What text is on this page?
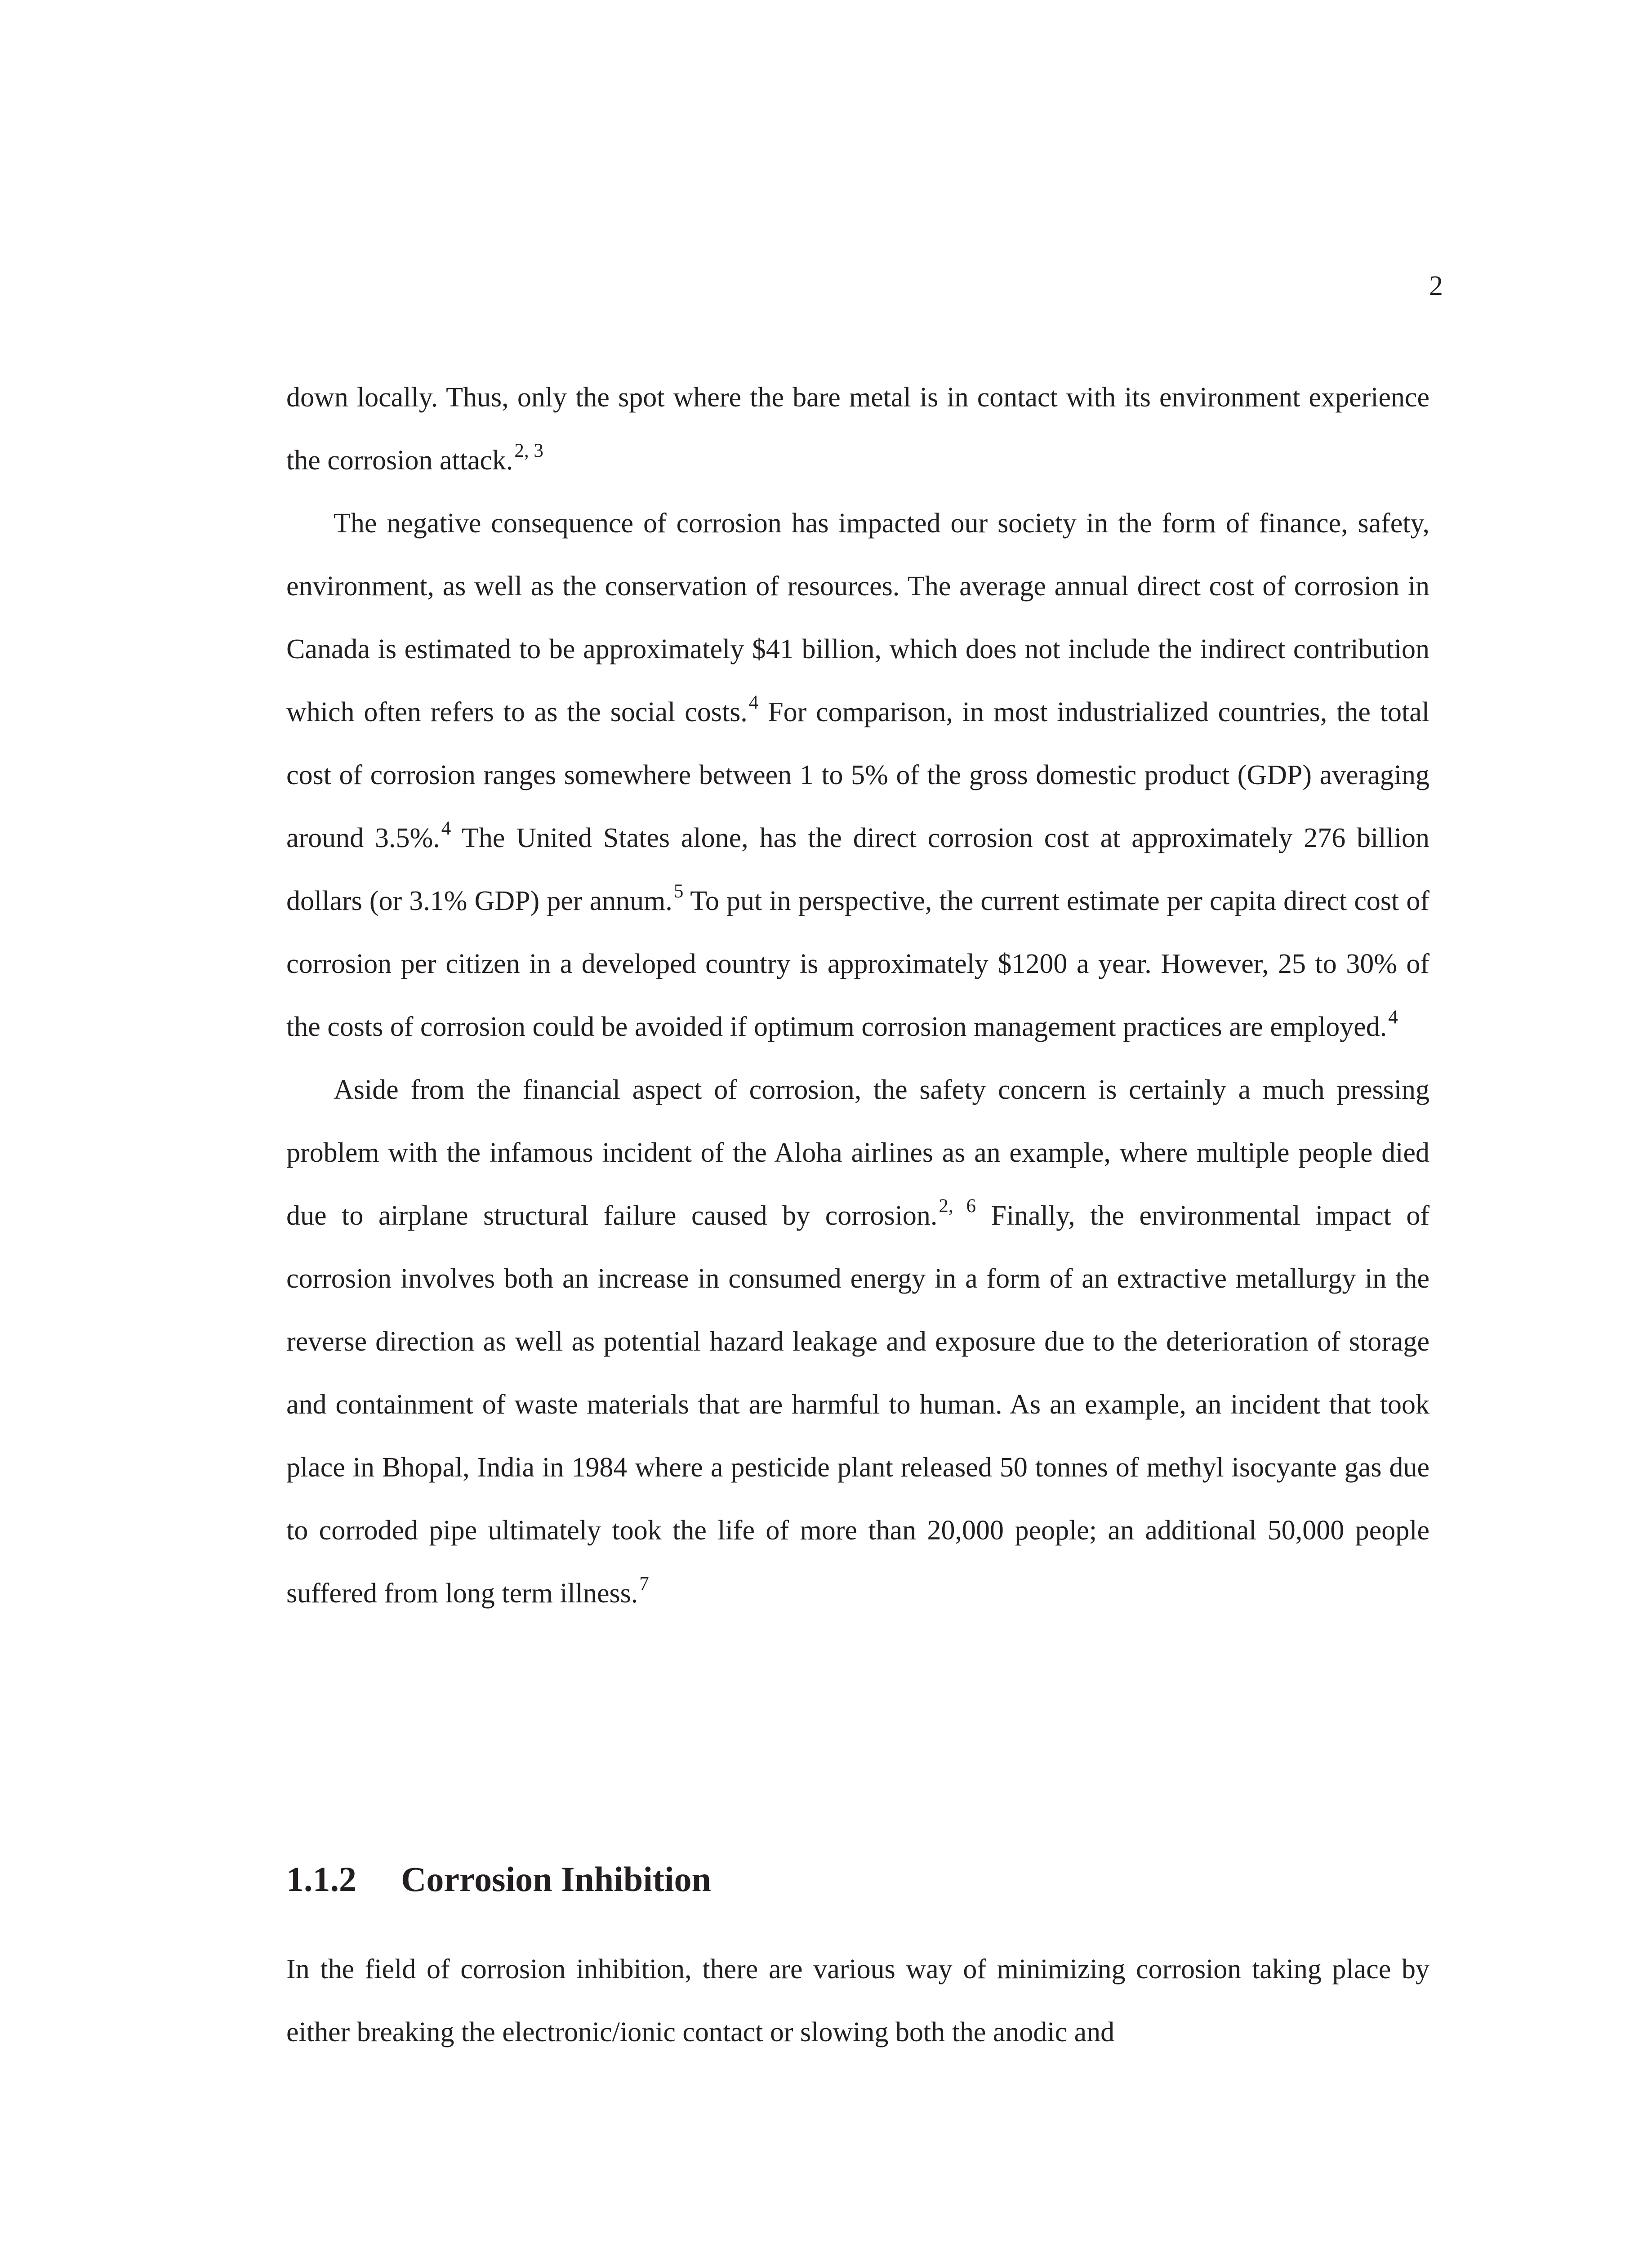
2

down locally. Thus, only the spot where the bare metal is in contact with its environment experience the corrosion attack.$^{2, 3}$

The negative consequence of corrosion has impacted our society in the form of finance, safety, environment, as well as the conservation of resources. The average annual direct cost of corrosion in Canada is estimated to be approximately $41 billion, which does not include the indirect contribution which often refers to as the social costs.$^4$ For comparison, in most industrialized countries, the total cost of corrosion ranges somewhere between 1 to 5% of the gross domestic product (GDP) averaging around 3.5%.$^4$ The United States alone, has the direct corrosion cost at approximately 276 billion dollars (or 3.1% GDP) per annum.$^5$ To put in perspective, the current estimate per capita direct cost of corrosion per citizen in a developed country is approximately $1200 a year. However, 25 to 30% of the costs of corrosion could be avoided if optimum corrosion management practices are employed.$^4$

Aside from the financial aspect of corrosion, the safety concern is certainly a much pressing problem with the infamous incident of the Aloha airlines as an example, where multiple people died due to airplane structural failure caused by corrosion.$^{2, 6}$ Finally, the environmental impact of corrosion involves both an increase in consumed energy in a form of an extractive metallurgy in the reverse direction as well as potential hazard leakage and exposure due to the deterioration of storage and containment of waste materials that are harmful to human. As an example, an incident that took place in Bhopal, India in 1984 where a pesticide plant released 50 tonnes of methyl isocyante gas due to corroded pipe ultimately took the life of more than 20,000 people; an additional 50,000 people suffered from long term illness.$^7$

1.1.2 Corrosion Inhibition

In the field of corrosion inhibition, there are various way of minimizing corrosion taking place by either breaking the electronic/ionic contact or slowing both the anodic and
